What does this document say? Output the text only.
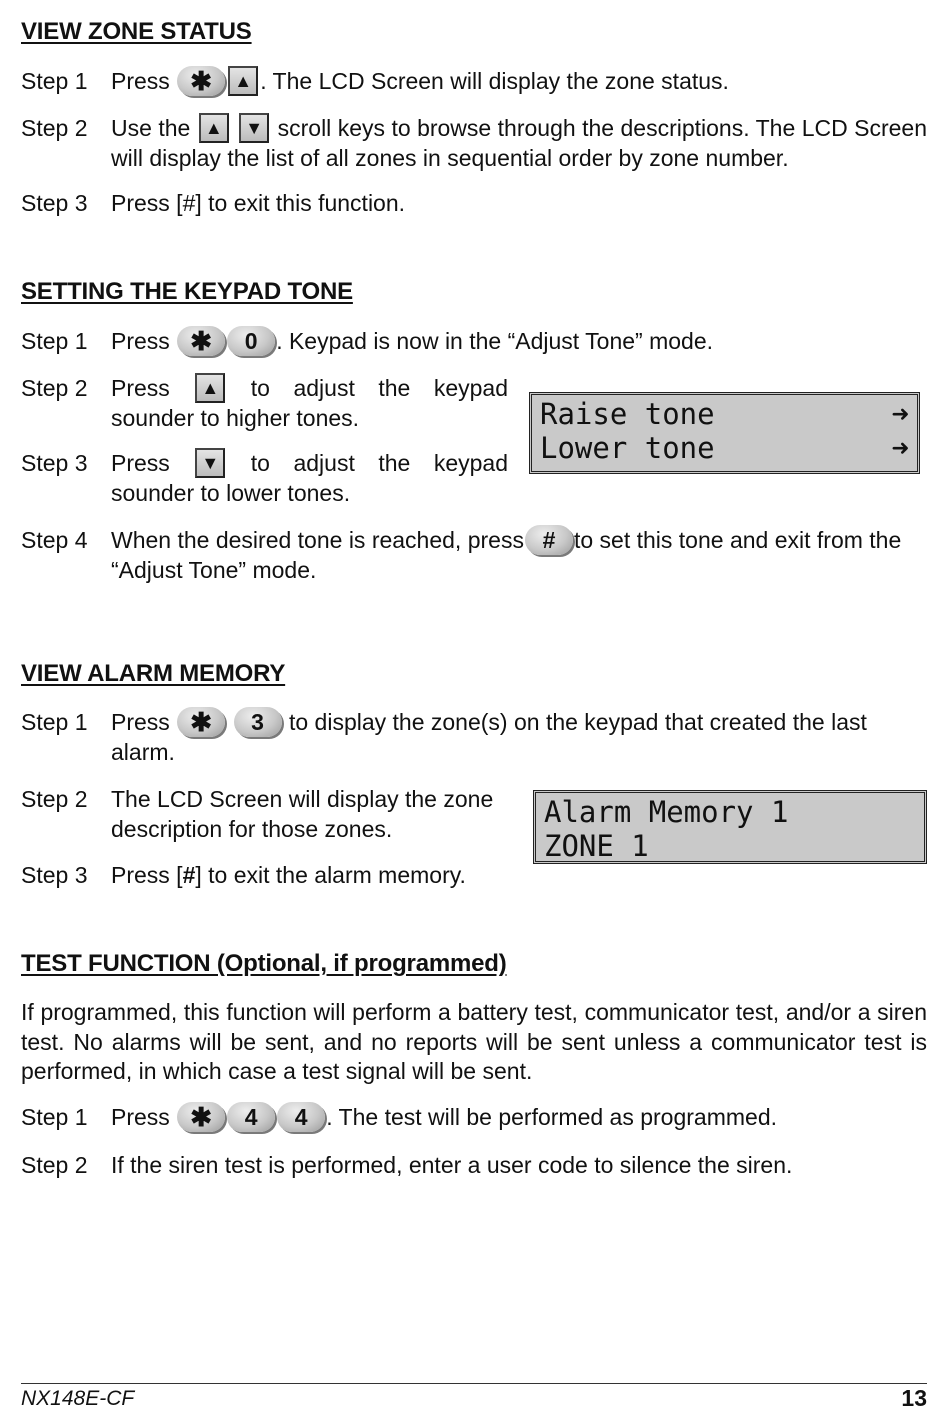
VIEW ZONE STATUS
Step 1	Press ✱ ▲ . The LCD Screen will display the zone status.
Step 2	Use the ▲ ▼ scroll keys to browse through the descriptions. The LCD Screen will display the list of all zones in sequential order by zone number.
Step 3	Press [#] to exit this function.
SETTING THE KEYPAD TONE
Step 1	Press ✱ 0 . Keypad is now in the “Adjust Tone” mode.
Step 2	Press ▲ to adjust the keypad sounder to higher tones.
Step 3	Press ▼ to adjust the keypad sounder to lower tones.
Raise tone	➜
Lower tone	➜
Step 4	When the desired tone is reached, press # to set this tone and exit from the “Adjust Tone” mode.
VIEW ALARM MEMORY
Step 1	Press ✱ 3 to display the zone(s) on the keypad that created the last alarm.
Step 2	The LCD Screen will display the zone description for those zones.	Alarm Memory 1
ZONE 1
Step 3	Press [#] to exit the alarm memory.
TEST FUNCTION (Optional, if programmed)
If programmed, this function will perform a battery test, communicator test, and/or a siren test. No alarms will be sent, and no reports will be sent unless a communicator test is performed, in which case a test signal will be sent.
Step 1	Press ✱ 4 4 . The test will be performed as programmed.
Step 2	If the siren test is performed, enter a user code to silence the siren.
NX148E-CF	13
